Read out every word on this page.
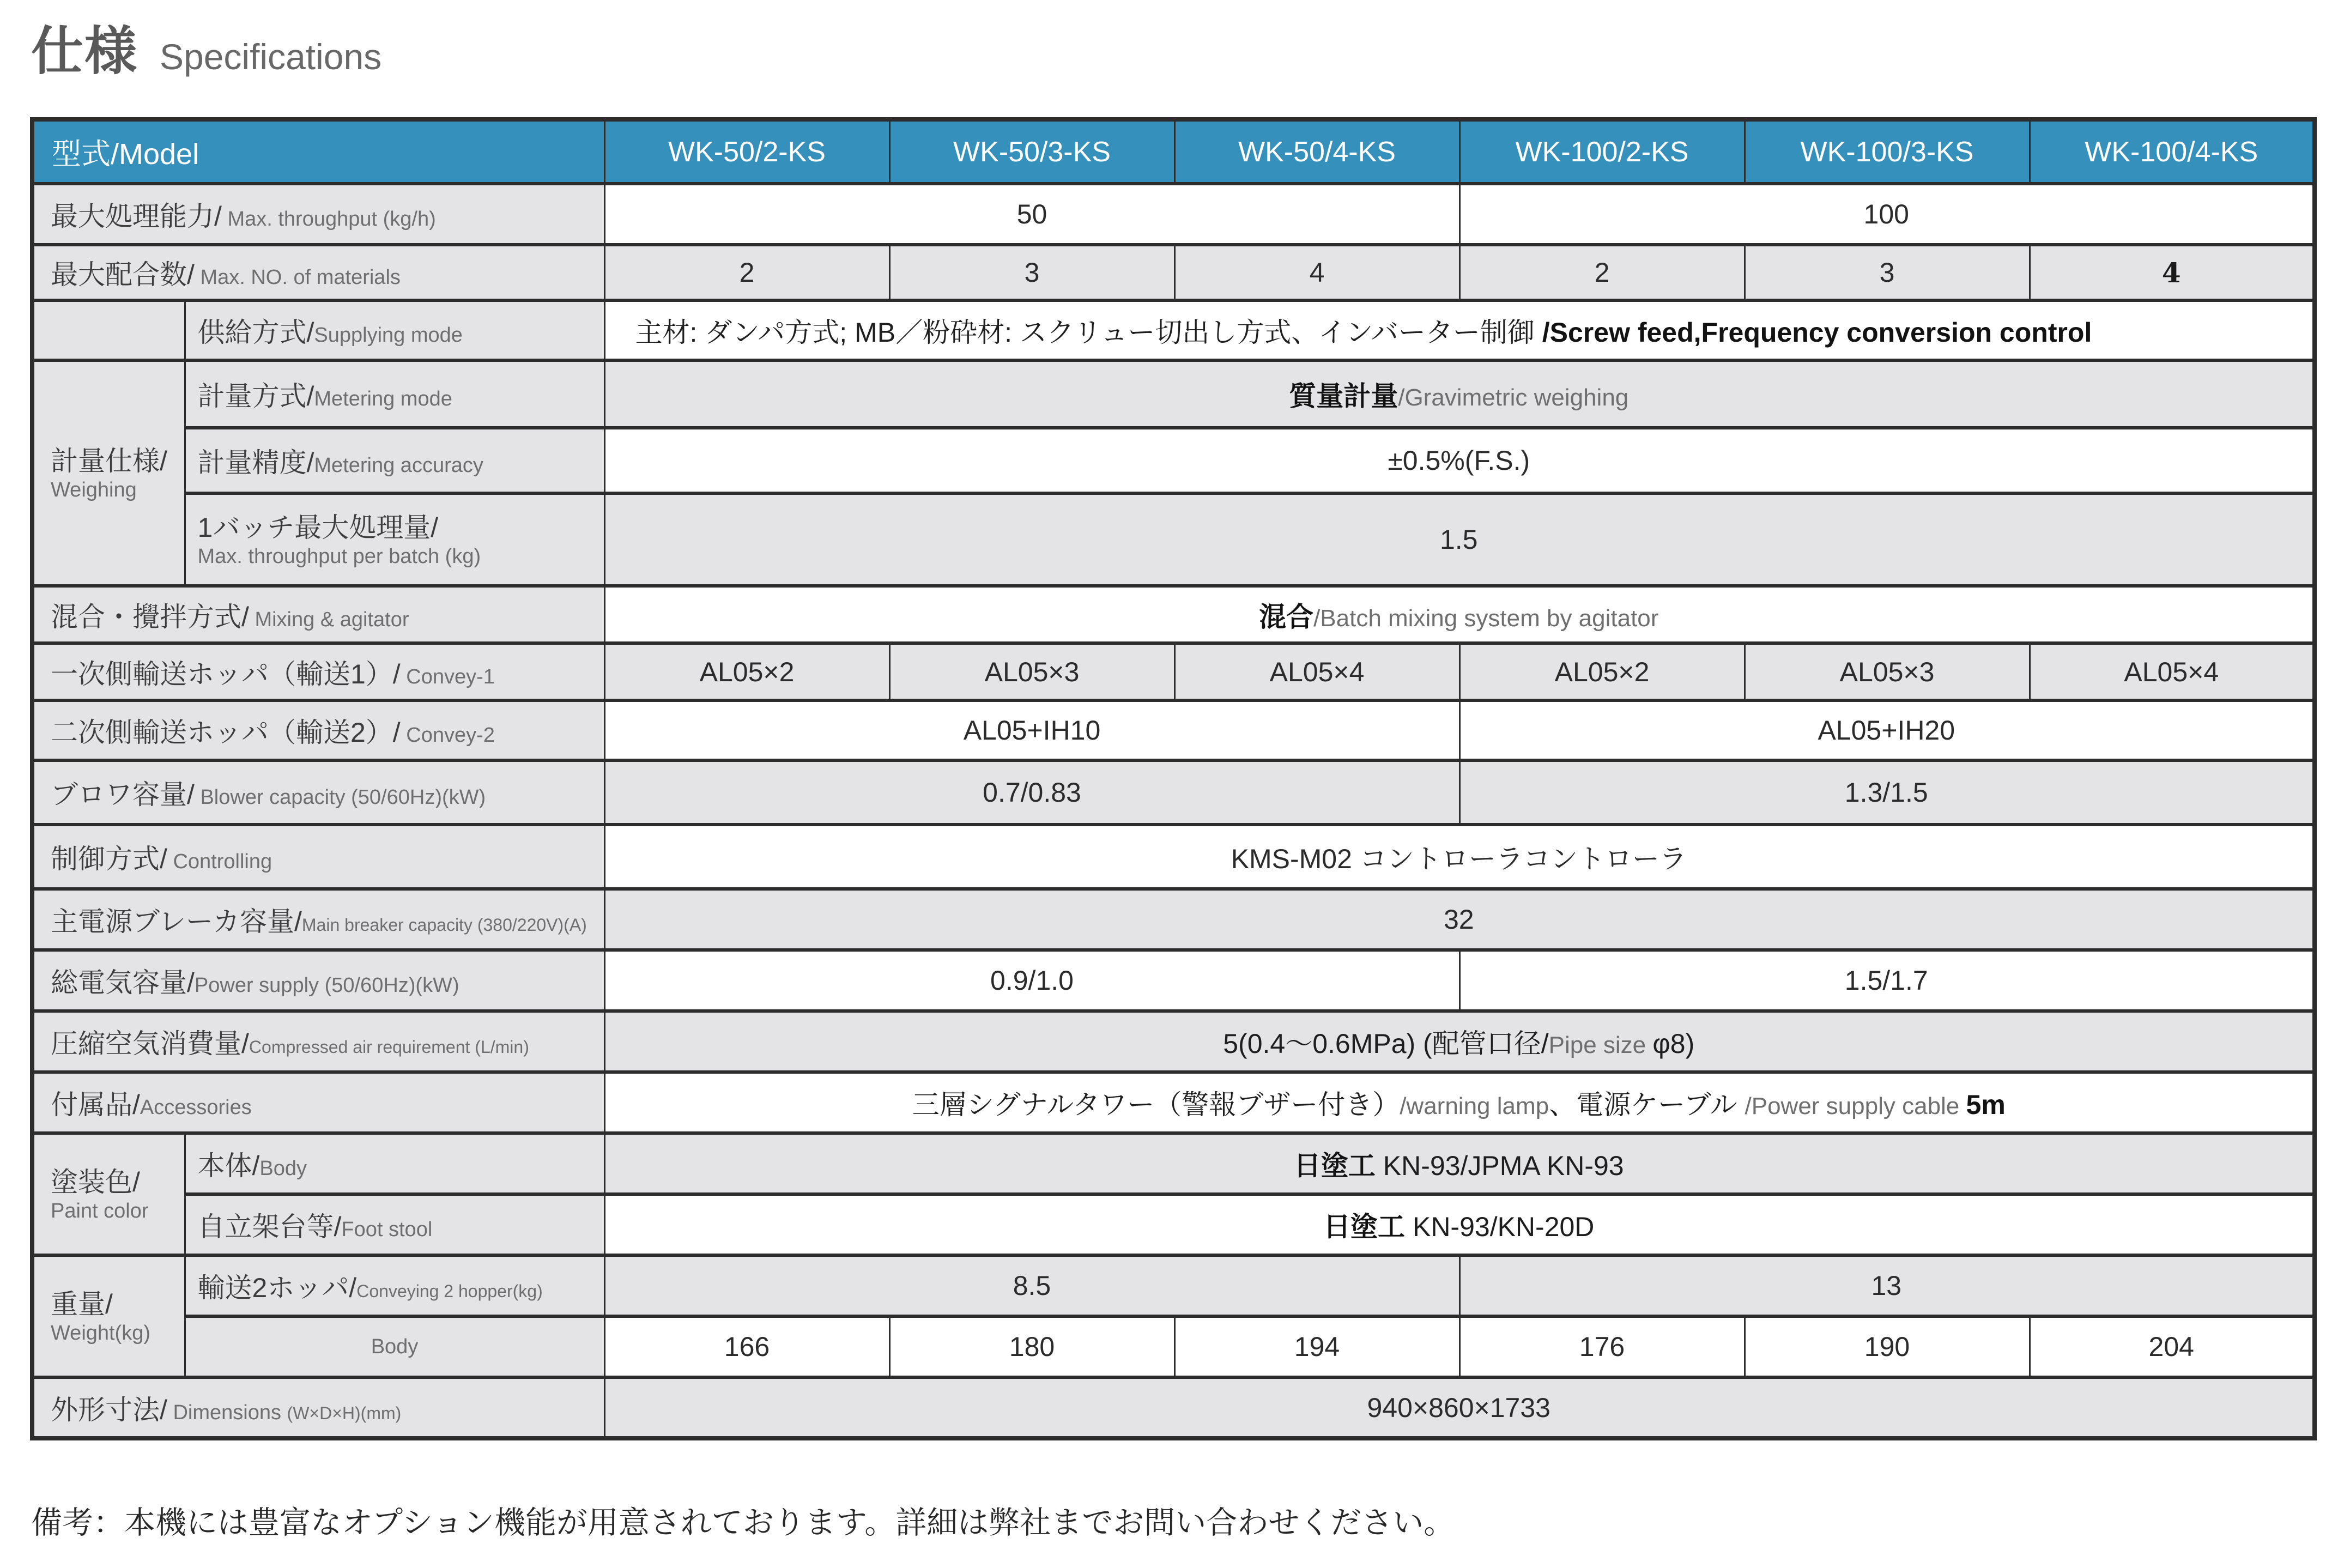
仕様 Specifications
型式/Model		WK-50/2-KS	WK-50/3-KS	WK-50/4-KS	WK-100/2-KS	WK-100/3-KS	WK-100/4-KS
最大処理能力/ Max. throughput (kg/h)		50			100		
最大配合数/ Max. NO. of materials		2	3	4	2	3	4
	供給方式/Supplying mode	主材: ダンパ方式; MB／粉砕材: スクリュー切出し方式、インバーター制御 /Screw feed,Frequency conversion control					
計量仕様/
Weighing	計量方式/Metering mode	質量計量/Gravimetric weighing					
	計量精度/Metering accuracy	±0.5%(F.S.)					
	1バッチ最大処理量/
Max. throughput per batch (kg)	1.5					
混合・攪拌方式/ Mixing & agitator		混合/Batch mixing system by agitator					
一次側輸送ホッパ（輸送1）/ Convey-1		AL05×2	AL05×3	AL05×4	AL05×2	AL05×3	AL05×4
二次側輸送ホッパ（輸送2）/ Convey-2		AL05+IH10			AL05+IH20		
ブロワ容量/ Blower capacity (50/60Hz)(kW)		0.7/0.83			1.3/1.5		
制御方式/ Controlling		KMS-M02 コントローラコントローラ					
主電源ブレーカ容量/Main breaker capacity (380/220V)(A)		32					
総電気容量/Power supply (50/60Hz)(kW)		0.9/1.0			1.5/1.7		
圧縮空気消費量/Compressed air requirement (L/min)		5(0.4～0.6MPa) (配管口径/Pipe size φ8)					
付属品/Accessories		三層シグナルタワー（警報ブザー付き）/warning lamp、電源ケーブル /Power supply cable 5m					
塗装色/
Paint color	本体/Body	日塗工 KN-93/JPMA KN-93					
	自立架台等/Foot stool	日塗工 KN-93/KN-20D					
重量/
Weight(kg)	輸送2ホッパ/Conveying 2 hopper(kg)	8.5			13		
	Body	166	180	194	176	190	204
外形寸法/ Dimensions (W×D×H)(mm)		940×860×1733					
備考：本機には豊富なオプション機能が用意されております。詳細は弊社までお問い合わせください。
